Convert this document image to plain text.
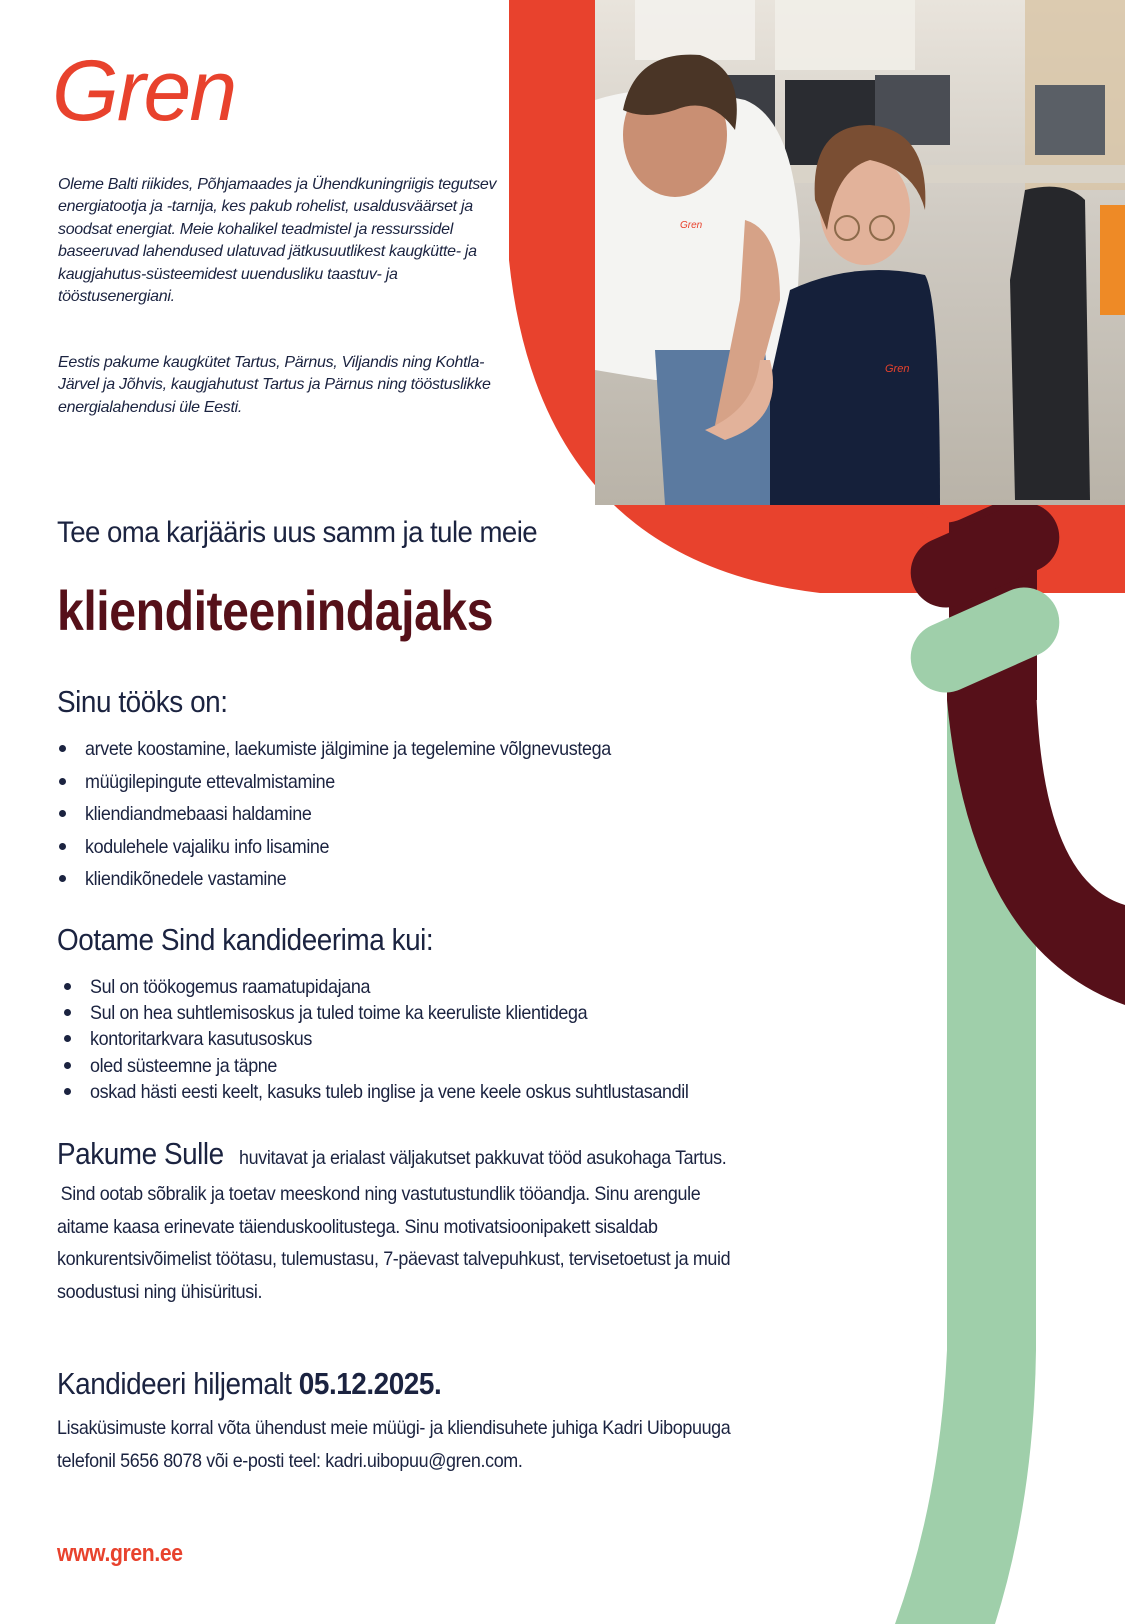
Gren
Gren
Gren

Oleme Balti riikides, Põhjamaades ja Ühendkuningriigis tegutsev energiatootja ja -tarnija, kes pakub rohelist, usaldusväärset ja soodsat energiat. Meie kohalikel teadmistel ja ressurssidel baseeruvad lahendused ulatuvad jätkusuutlikest kaugkütte- ja kaugjahutus-süsteemidest uuendusliku taastuv- ja tööstusenergiani.

Eestis pakume kaugkütet Tartus, Pärnus, Viljandis ning Kohtla-Järvel ja Jõhvis, kaugjahutust Tartus ja Pärnus ning tööstuslikke energialahendusi üle Eesti.

Tee oma karjääris uus samm ja tule meie
klienditeenindajaks
Sinu tööks on:
arvete koostamine, laekumiste jälgimine ja tegelemine võlgnevustega
müügilepingute ettevalmistamine
kliendiandmebaasi haldamine
kodulehele vajaliku info lisamine
kliendikõnedele vastamine
Ootame Sind kandideerima kui:
Sul on töökogemus raamatupidajana
Sul on hea suhtlemisoskus ja tuled toime ka keeruliste klientidega
kontoritarkvara kasutusoskus
oled süsteemne ja täpne
oskad hästi eesti keelt, kasuks tuleb inglise ja vene keele oskus suhtlustasandil
Pakume Sulle huvitavat ja erialast väljakutset pakkuvat tööd asukohaga Tartus.
Sind ootab sõbralik ja toetav meeskond ning vastutustundlik tööandja. Sinu arengule
aitame kaasa erinevate täienduskoolitustega. Sinu motivatsioonipakett sisaldab
konkurentsivõimelist töötasu, tulemustasu, 7-päevast talvepuhkust, tervisetoetust ja muid
soodustusi ning ühisüritusi.
Kandideeri hiljemalt 05.12.2025.
Lisaküsimuste korral võta ühendust meie müügi- ja kliendisuhete juhiga Kadri Uibopuuga
telefonil 5656 8078 või e-posti teel: kadri.uibopuu@gren.com.
www.gren.ee
